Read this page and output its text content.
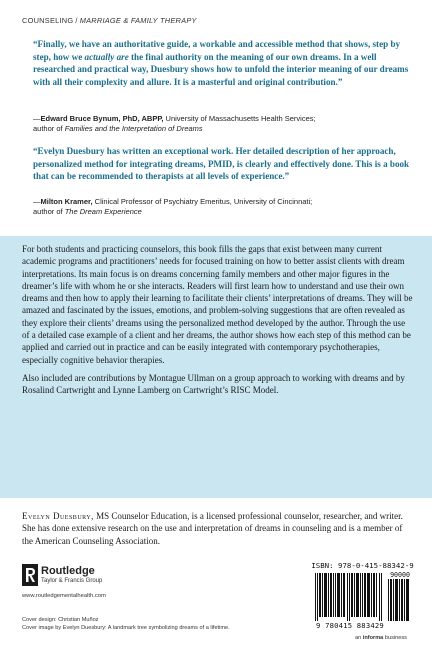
COUNSELING / MARRIAGE & FAMILY THERAPY
“Finally, we have an authoritative guide, a workable and accessible method that shows, step by step, how we actually are the final authority on the meaning of our own dreams. In a well researched and practical way, Duesbury shows how to unfold the interior meaning of our dreams with all their complexity and allure. It is a masterful and original contribution.”
—Edward Bruce Bynum, PhD, ABPP, University of Massachusetts Health Services;
author of Families and the Interpretation of Dreams
“Evelyn Duesbury has written an exceptional work. Her detailed description of her approach, personalized method for integrating dreams, PMID, is clearly and effectively done. This is a book that can be recommended to therapists at all levels of experience.”
—Milton Kramer, Clinical Professor of Psychiatry Emeritus, University of Cincinnati;
author of The Dream Experience

For both students and practicing counselors, this book fills the gaps that exist between many current academic programs and practitioners’ needs for focused training on how to better assist clients with dream interpretations. Its main focus is on dreams concerning family members and other major figures in the dreamer’s life with whom he or she interacts. Readers will first learn how to understand and use their own dreams and then how to apply their learning to facilitate their clients’ interpretations of dreams. They will be amazed and fascinated by the issues, emotions, and problem-solving suggestions that are often revealed as they explore their clients’ dreams using the personalized method developed by the author. Through the use of a detailed case example of a client and her dreams, the author shows how each step of this method can be applied and carried out in practice and can be easily integrated with contemporary psychotherapies, especially cognitive behavior therapies.

Also included are contributions by Montague Ullman on a group approach to working with dreams and by Rosalind Cartwright and Lynne Lamberg on Cartwright’s RISC Model.

Evelyn Duesbury, MS Counselor Education, is a licensed professional counselor, researcher, and writer. She has done extensive research on the use and interpretation of dreams in counseling and is a member of the American Counseling Association.
Routledge
Taylor & Francis Group
www.routledgementalhealth.com
Cover design: Christian Muñoz
Cover image by Evelyn Duesbury: A landmark tree symbolizing dreams of a lifetime.
ISBN: 978-0-415-88342-9
90000
9 780415 883429
an informa business
